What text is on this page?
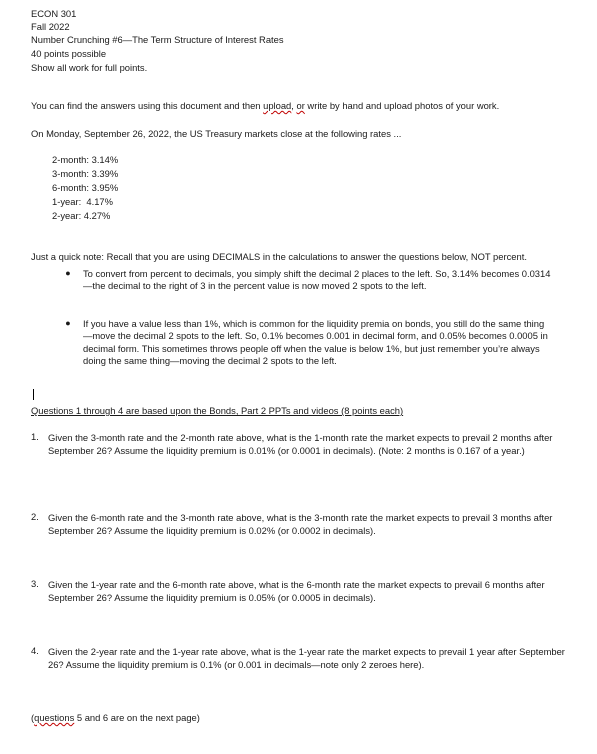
ECON 301
Fall 2022
Number Crunching #6—The Term Structure of Interest Rates
40 points possible
Show all work for full points.
You can find the answers using this document and then upload, or write by hand and upload photos of your work.
On Monday, September 26, 2022, the US Treasury markets close at the following rates ...
2-month: 3.14%
3-month: 3.39%
6-month: 3.95%
1-year:  4.17%
2-year: 4.27%
Just a quick note: Recall that you are using DECIMALS in the calculations to answer the questions below, NOT percent.
● To convert from percent to decimals, you simply shift the decimal 2 places to the left. So, 3.14% becomes 0.0314—the decimal to the right of 3 in the percent value is now moved 2 spots to the left.
● If you have a value less than 1%, which is common for the liquidity premia on bonds, you still do the same thing—move the decimal 2 spots to the left. So, 0.1% becomes 0.001 in decimal form, and 0.05% becomes 0.0005 in decimal form. This sometimes throws people off when the value is below 1%, but just remember you’re always doing the same thing—moving the decimal 2 spots to the left.
Questions 1 through 4 are based upon the Bonds, Part 2 PPTs and videos (8 points each)
1. Given the 3-month rate and the 2-month rate above, what is the 1-month rate the market expects to prevail 2 months after September 26? Assume the liquidity premium is 0.01% (or 0.0001 in decimals). (Note: 2 months is 0.167 of a year.)
2. Given the 6-month rate and the 3-month rate above, what is the 3-month rate the market expects to prevail 3 months after September 26? Assume the liquidity premium is 0.02% (or 0.0002 in decimals).
3. Given the 1-year rate and the 6-month rate above, what is the 6-month rate the market expects to prevail 6 months after September 26? Assume the liquidity premium is 0.05% (or 0.0005 in decimals).
4. Given the 2-year rate and the 1-year rate above, what is the 1-year rate the market expects to prevail 1 year after September 26? Assume the liquidity premium is 0.1% (or 0.001 in decimals—note only 2 zeroes here).
(questions 5 and 6 are on the next page)
